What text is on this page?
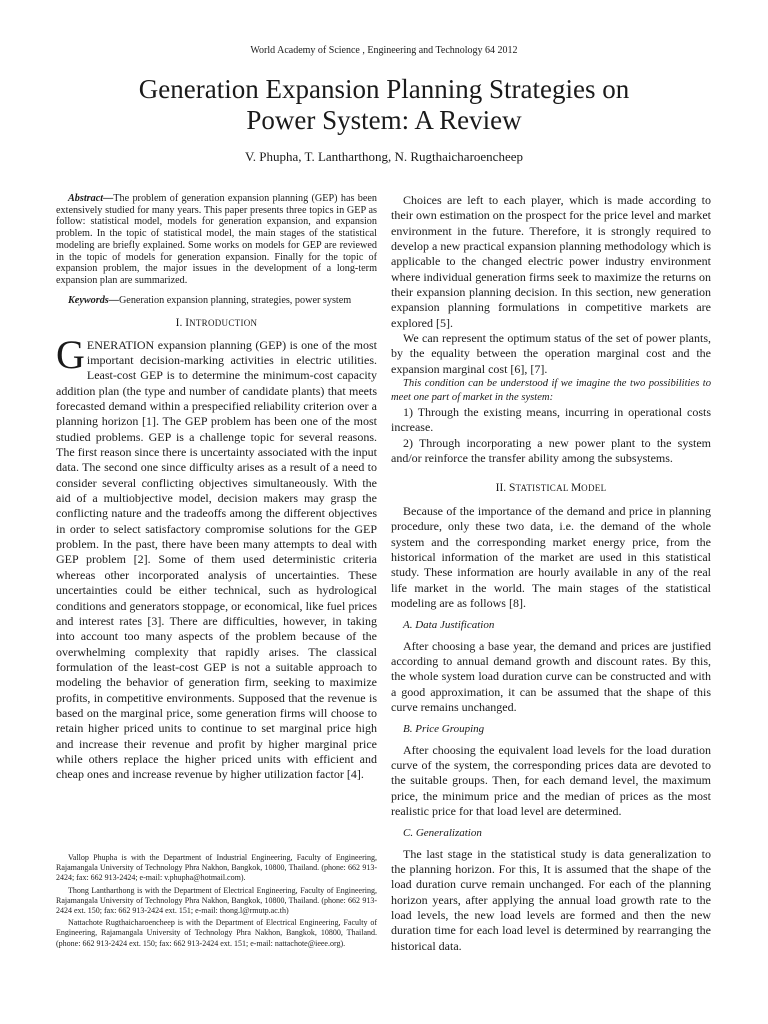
World Academy of Science , Engineering and Technology 64 2012
Generation Expansion Planning Strategies on
Power System: A Review
V. Phupha, T. Lantharthong, N. Rugthaicharoencheep

Abstract—The problem of generation expansion planning (GEP) has been extensively studied for many years. This paper presents three topics in GEP as follow: statistical model, models for generation expansion, and expansion problem. In the topic of statistical model, the main stages of the statistical modeling are briefly explained. Some works on models for GEP are reviewed in the topic of models for generation expansion. Finally for the topic of expansion problem, the major issues in the development of a long-term expansion plan are summarized.

Keywords—Generation expansion planning, strategies, power system

I. INTRODUCTION

GENERATION expansion planning (GEP) is one of the most important decision-marking activities in electric utilities. Least-cost GEP is to determine the minimum-cost capacity addition plan (the type and number of candidate plants) that meets forecasted demand within a prespecified reliability criterion over a planning horizon [1]. The GEP problem has been one of the most studied problems. GEP is a challenge topic for several reasons. The first reason since there is uncertainty associated with the input data. The second one since difficulty arises as a result of a need to consider several conflicting objectives simultaneously. With the aid of a multiobjective model, decision makers may grasp the conflicting nature and the tradeoffs among the different objectives in order to select satisfactory compromise solutions for the GEP problem. In the past, there have been many attempts to deal with GEP problem [2]. Some of them used deterministic criteria whereas other incorporated analysis of uncertainties. These uncertainties could be either technical, such as hydrological conditions and generators stoppage, or economical, like fuel prices and interest rates [3]. There are difficulties, however, in taking into account too many aspects of the problem because of the overwhelming complexity that rapidly arises. The classical formulation of the least-cost GEP is not a suitable approach to modeling the behavior of generation firm, seeking to maximize profits, in competitive environments. Supposed that the revenue is based on the marginal price, some generation firms will choose to retain higher priced units to continue to set marginal price high and increase their revenue and profit by higher marginal price while others replace the higher priced units with efficient and cheap ones and increase revenue by higher utilization factor [4].

Vallop Phupha is with the Department of Industrial Engineering, Faculty of Engineering, Rajamangala University of Technology Phra Nakhon, Bangkok, 10800, Thailand. (phone: 662 913-2424; fax: 662 913-2424; e-mail: v.phupha@hotmail.com).

Thong Lantharthong is with the Department of Electrical Engineering, Faculty of Engineering, Rajamangala University of Technology Phra Nakhon, Bangkok, 10800, Thailand. (phone: 662 913-2424 ext. 150; fax: 662 913-2424 ext. 151; e-mail: thong.l@rmutp.ac.th)

Nattachote Rugthaicharoencheep is with the Department of Electrical Engineering, Faculty of Engineering, Rajamangala University of Technology Phra Nakhon, Bangkok, 10800, Thailand. (phone: 662 913-2424 ext. 150; fax: 662 913-2424 ext. 151; e-mail: nattachote@ieee.org).

Choices are left to each player, which is made according to their own estimation on the prospect for the price level and market environment in the future. Therefore, it is strongly required to develop a new practical expansion planning methodology which is applicable to the changed electric power industry environment where individual generation firms seek to maximize the returns on their expansion planning decision. In this section, new generation expansion planning formulations in competitive markets are explored [5].

We can represent the optimum status of the set of power plants, by the equality between the operation marginal cost and the expansion marginal cost [6], [7].

This condition can be understood if we imagine the two possibilities to meet one part of market in the system:

1) Through the existing means, incurring in operational costs increase.

2) Through incorporating a new power plant to the system and/or reinforce the transfer ability among the subsystems.

II. STATISTICAL MODEL

Because of the importance of the demand and price in planning procedure, only these two data, i.e. the demand of the whole system and the corresponding market energy price, from the historical information of the market are used in this statistical study. These information are hourly available in any of the real life market in the world. The main stages of the statistical modeling are as follows [8].

A. Data Justification

After choosing a base year, the demand and prices are justified according to annual demand growth and discount rates. By this, the whole system load duration curve can be constructed and with a good approximation, it can be assumed that the shape of this curve remains unchanged.

B. Price Grouping

After choosing the equivalent load levels for the load duration curve of the system, the corresponding prices data are devoted to the suitable groups. Then, for each demand level, the maximum price, the minimum price and the median of prices as the most realistic price for that load level are determined.

C. Generalization

The last stage in the statistical study is data generalization to the planning horizon. For this, It is assumed that the shape of the load duration curve remain unchanged. For each of the planning horizon years, after applying the annual load growth rate to the load levels, the new load levels are formed and then the new duration time for each load level is determined by rearranging the historical data.
